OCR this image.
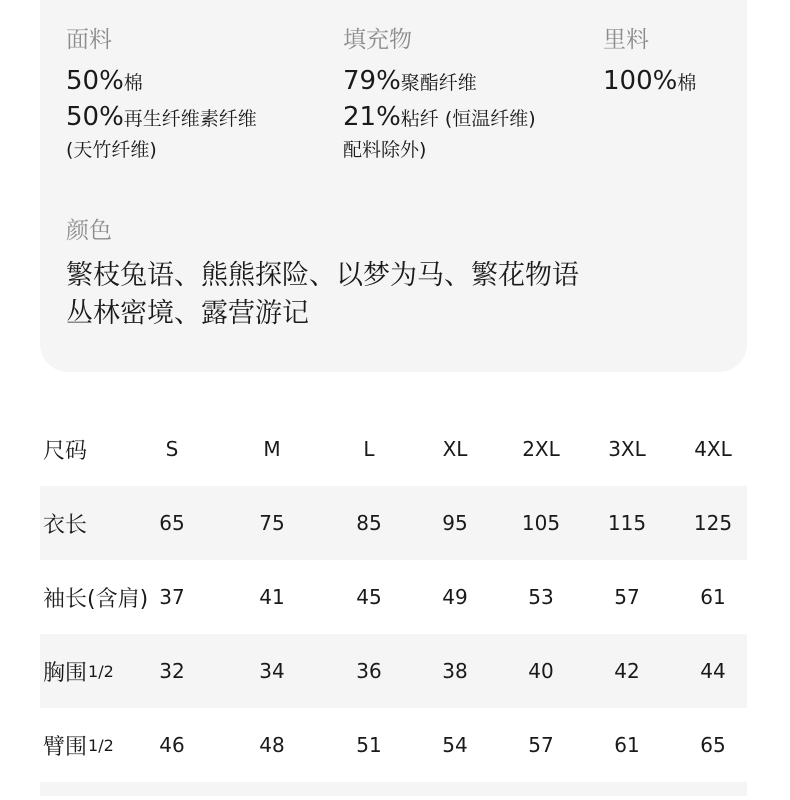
面料
50%棉
50%再生纤维素纤维
(天竹纤维)
填充物
79%聚酯纤维
21%粘纤 (恒温纤维)
配料除外)
里料
100%棉
颜色
繁枝兔语、熊熊探险、以梦为马、繁花物语
丛林密境、露营游记
尺码	S	M	L	XL	2XL	3XL	4XL
衣长	65	75	85	95	105	115	125
袖长(含肩) 37	41	45	49	53	57	61
胸围 1/2	32	34	36	38	40	42	44
臂围 1/2	46	48	51	54	57	61	65
